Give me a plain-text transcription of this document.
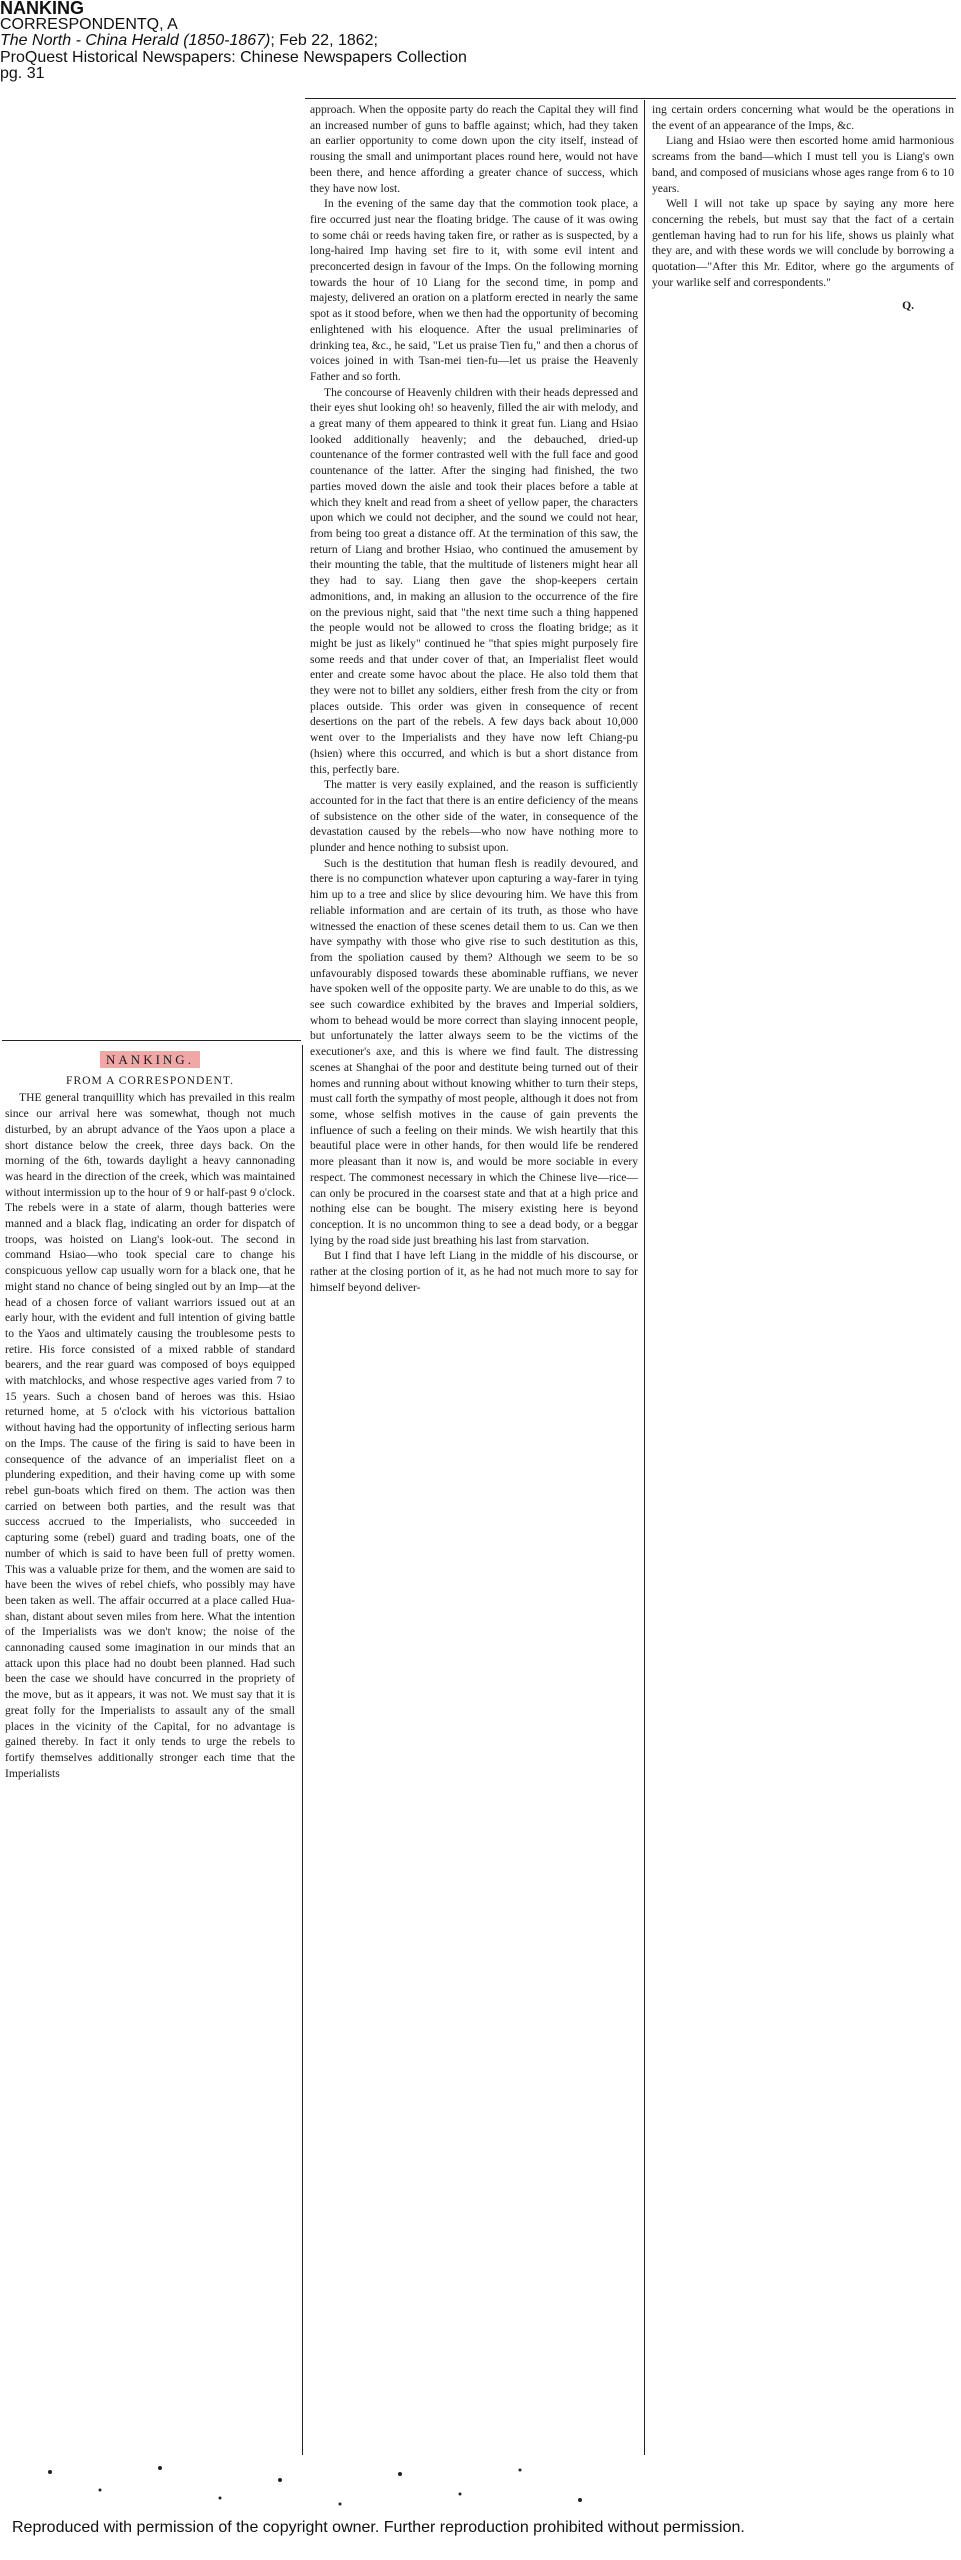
NANKING
CORRESPONDENTQ, A
The North - China Herald (1850-1867); Feb 22, 1862;
ProQuest Historical Newspapers: Chinese Newspapers Collection
pg. 31
NANKING.
FROM A CORRESPONDENT.

THE general tranquillity which has prevailed in this realm since our arrival here was somewhat, though not much disturbed, by an abrupt advance of the Yaos upon a place a short distance below the creek, three days back. On the morning of the 6th, towards daylight a heavy cannonading was heard in the direction of the creek, which was maintained without intermission up to the hour of 9 or half-past 9 o'clock. The rebels were in a state of alarm, though batteries were manned and a black flag, indicating an order for dispatch of troops, was hoisted on Liang's look-out. The second in command Hsiao—who took special care to change his conspicuous yellow cap usually worn for a black one, that he might stand no chance of being singled out by an Imp—at the head of a chosen force of valiant warriors issued out at an early hour, with the evident and full intention of giving battle to the Yaos and ultimately causing the troublesome pests to retire. His force consisted of a mixed rabble of standard bearers, and the rear guard was composed of boys equipped with matchlocks, and whose respective ages varied from 7 to 15 years. Such a chosen band of heroes was this. Hsiao returned home, at 5 o'clock with his victorious battalion without having had the opportunity of inflecting serious harm on the Imps. The cause of the firing is said to have been in consequence of the advance of an imperialist fleet on a plundering expedition, and their having come up with some rebel gun-boats which fired on them. The action was then carried on between both parties, and the result was that success accrued to the Imperialists, who succeeded in capturing some (rebel) guard and trading boats, one of the number of which is said to have been full of pretty women. This was a valuable prize for them, and the women are said to have been the wives of rebel chiefs, who possibly may have been taken as well. The affair occurred at a place called Hua-shan, distant about seven miles from here. What the intention of the Imperialists was we don't know; the noise of the cannonading caused some imagination in our minds that an attack upon this place had no doubt been planned. Had such been the case we should have concurred in the propriety of the move, but as it appears, it was not. We must say that it is great folly for the Imperialists to assault any of the small places in the vicinity of the Capital, for no advantage is gained thereby. In fact it only tends to urge the rebels to fortify themselves additionally stronger each time that the Imperialists

approach. When the opposite party do reach the Capital they will find an increased number of guns to baffle against; which, had they taken an earlier opportunity to come down upon the city itself, instead of rousing the small and unimportant places round here, would not have been there, and hence affording a greater chance of success, which they have now lost.

In the evening of the same day that the commotion took place, a fire occurred just near the floating bridge. The cause of it was owing to some chái or reeds having taken fire, or rather as is suspected, by a long-haired Imp having set fire to it, with some evil intent and preconcerted design in favour of the Imps. On the following morning towards the hour of 10 Liang for the second time, in pomp and majesty, delivered an oration on a platform erected in nearly the same spot as it stood before, when we then had the opportunity of becoming enlightened with his eloquence. After the usual preliminaries of drinking tea, &c., he said, "Let us praise Tien fu," and then a chorus of voices joined in with Tsan-mei tien-fu—let us praise the Heavenly Father and so forth.

The concourse of Heavenly children with their heads depressed and their eyes shut looking oh! so heavenly, filled the air with melody, and a great many of them appeared to think it great fun. Liang and Hsiao looked additionally heavenly; and the debauched, dried-up countenance of the former contrasted well with the full face and good countenance of the latter. After the singing had finished, the two parties moved down the aisle and took their places before a table at which they knelt and read from a sheet of yellow paper, the characters upon which we could not decipher, and the sound we could not hear, from being too great a distance off. At the termination of this saw, the return of Liang and brother Hsiao, who continued the amusement by their mounting the table, that the multitude of listeners might hear all they had to say. Liang then gave the shop-keepers certain admonitions, and, in making an allusion to the occurrence of the fire on the previous night, said that "the next time such a thing happened the people would not be allowed to cross the floating bridge; as it might be just as likely" continued he "that spies might purposely fire some reeds and that under cover of that, an Imperialist fleet would enter and create some havoc about the place. He also told them that they were not to billet any soldiers, either fresh from the city or from places outside. This order was given in consequence of recent desertions on the part of the rebels. A few days back about 10,000 went over to the Imperialists and they have now left Chiang-pu (hsien) where this occurred, and which is but a short distance from this, perfectly bare.

The matter is very easily explained, and the reason is sufficiently accounted for in the fact that there is an entire deficiency of the means of subsistence on the other side of the water, in consequence of the devastation caused by the rebels—who now have nothing more to plunder and hence nothing to subsist upon.

Such is the destitution that human flesh is readily devoured, and there is no compunction whatever upon capturing a way-farer in tying him up to a tree and slice by slice devouring him. We have this from reliable information and are certain of its truth, as those who have witnessed the enaction of these scenes detail them to us. Can we then have sympathy with those who give rise to such destitution as this, from the spoliation caused by them? Although we seem to be so unfavourably disposed towards these abominable ruffians, we never have spoken well of the opposite party. We are unable to do this, as we see such cowardice exhibited by the braves and Imperial soldiers, whom to behead would be more correct than slaying innocent people, but unfortunately the latter always seem to be the victims of the executioner's axe, and this is where we find fault. The distressing scenes at Shanghai of the poor and destitute being turned out of their homes and running about without knowing whither to turn their steps, must call forth the sympathy of most people, although it does not from some, whose selfish motives in the cause of gain prevents the influence of such a feeling on their minds. We wish heartily that this beautiful place were in other hands, for then would life be rendered more pleasant than it now is, and would be more sociable in every respect. The commonest necessary in which the Chinese live—rice—can only be procured in the coarsest state and that at a high price and nothing else can be bought. The misery existing here is beyond conception. It is no uncommon thing to see a dead body, or a beggar lying by the road side just breathing his last from starvation.

But I find that I have left Liang in the middle of his discourse, or rather at the closing portion of it, as he had not much more to say for himself beyond deliver-

ing certain orders concerning what would be the operations in the event of an appearance of the Imps, &c.

Liang and Hsiao were then escorted home amid harmonious screams from the band—which I must tell you is Liang's own band, and composed of musicians whose ages range from 6 to 10 years.

Well I will not take up space by saying any more here concerning the rebels, but must say that the fact of a certain gentleman having had to run for his life, shows us plainly what they are, and with these words we will conclude by borrowing a quotation—"After this Mr. Editor, where go the arguments of your warlike self and correspondents."

Q.
Reproduced with permission of the copyright owner. Further reproduction prohibited without permission.
